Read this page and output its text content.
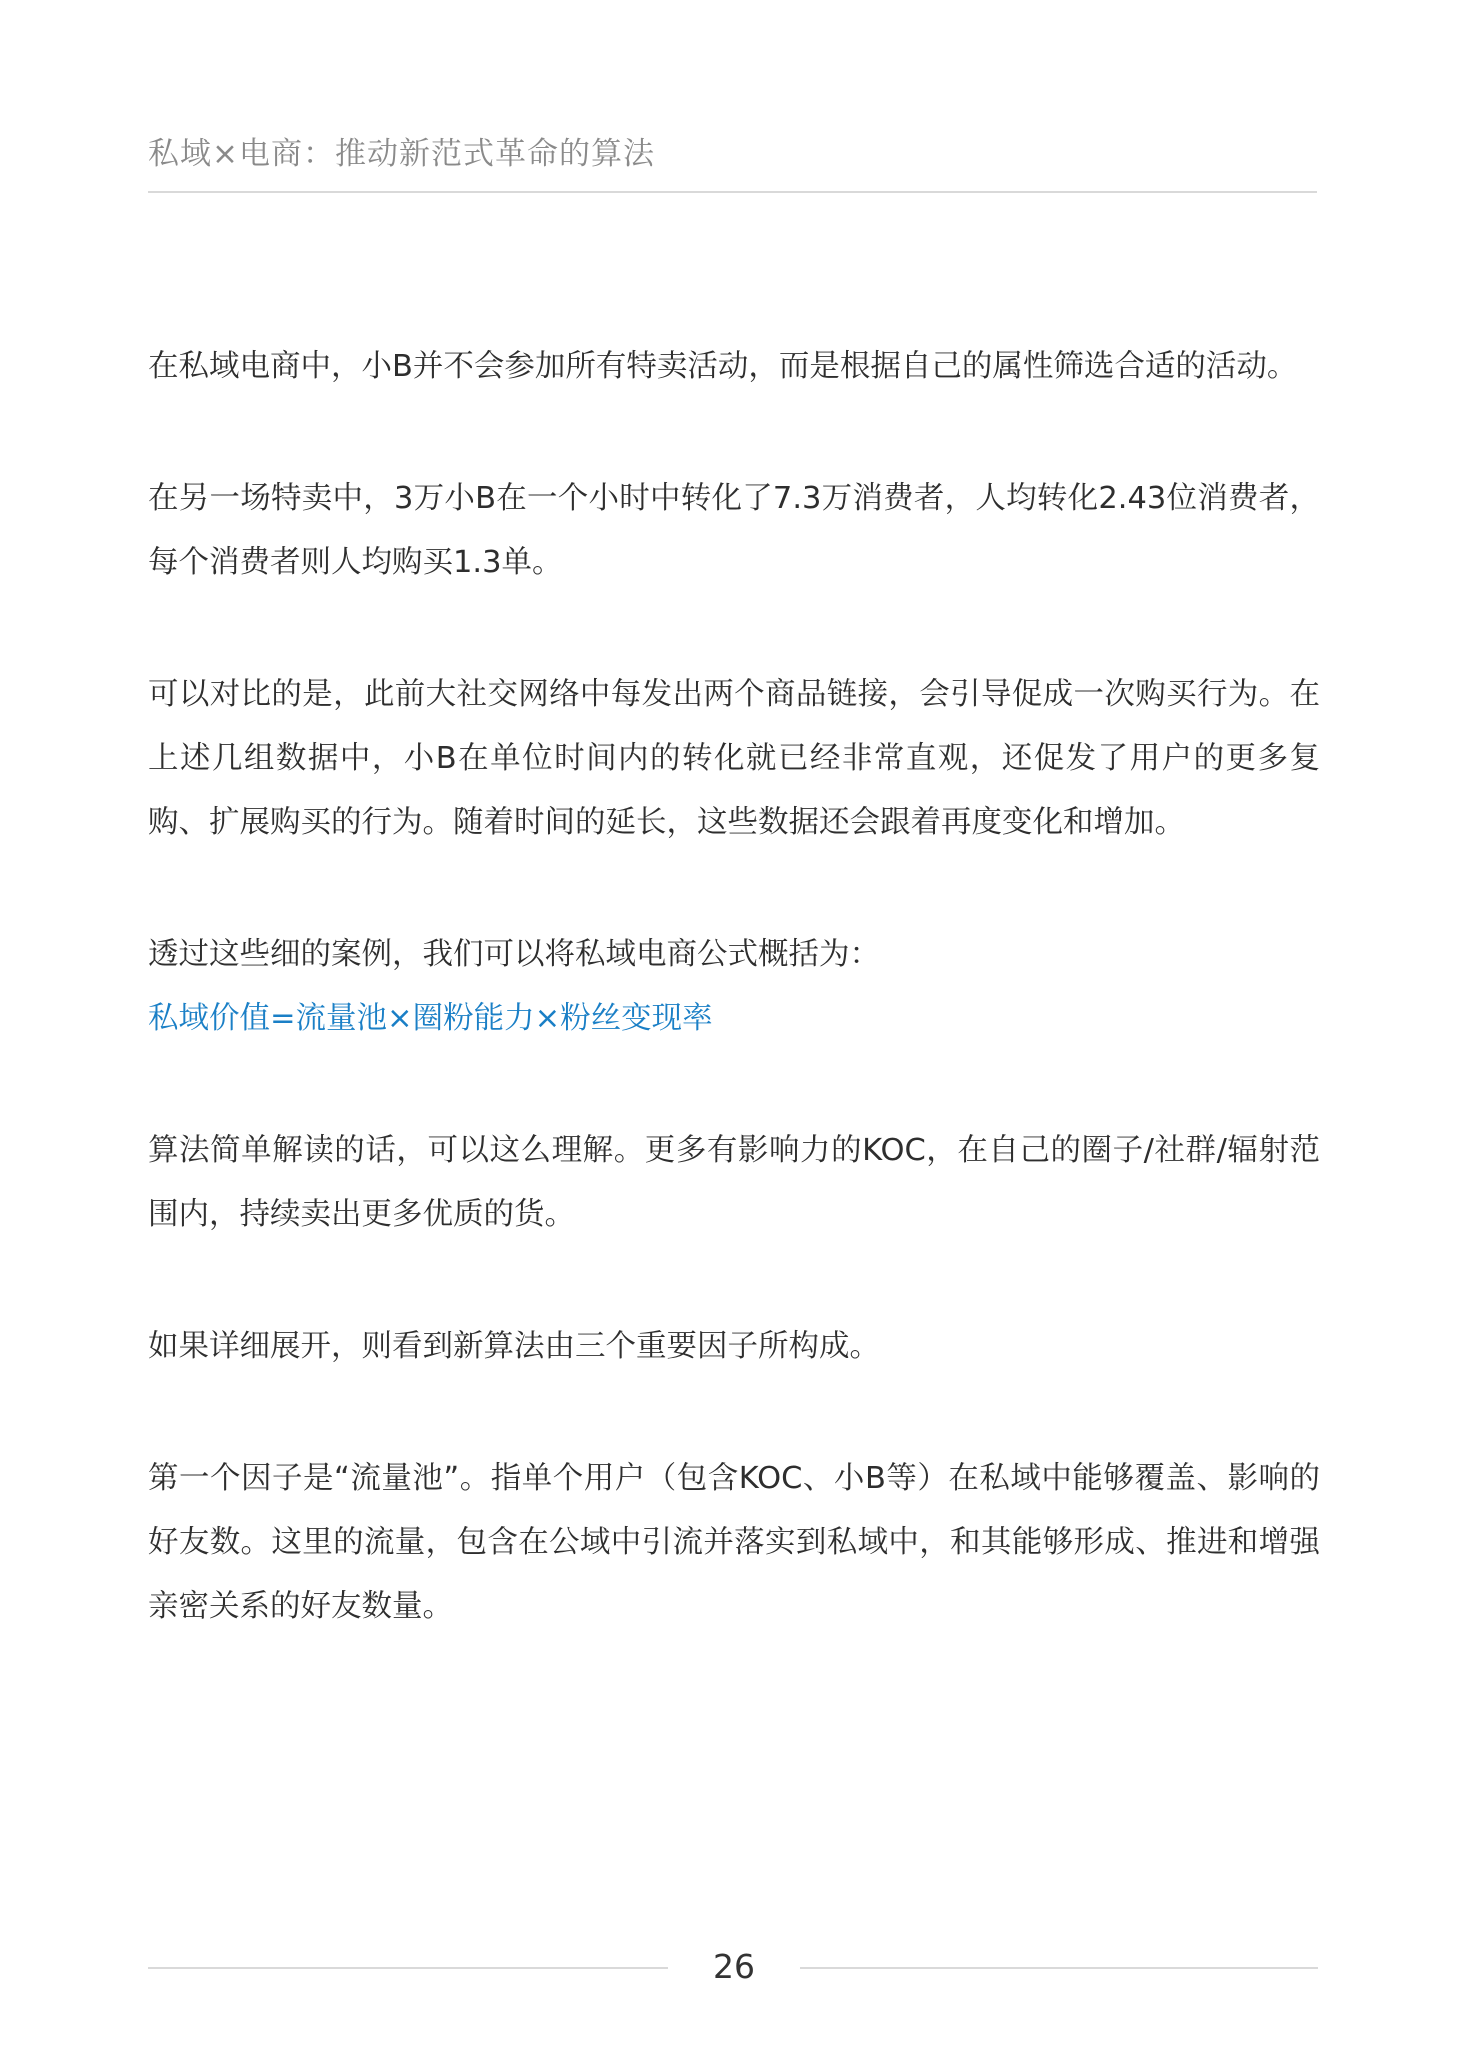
私域×电商：推动新范式革命的算法

在私域电商中，小B并不会参加所有特卖活动，而是根据自己的属性筛选合适的活动。

在另一场特卖中，3万小B在一个小时中转化了7.3万消费者，人均转化2.43位消费者，每个消费者则人均购买1.3单。

可以对比的是，此前大社交网络中每发出两个商品链接，会引导促成一次购买行为。在上述几组数据中，小B在单位时间内的转化就已经非常直观，还促发了用户的更多复购、扩展购买的行为。随着时间的延长，这些数据还会跟着再度变化和增加。

透过这些细的案例，我们可以将私域电商公式概括为：

私域价值=流量池×圈粉能力×粉丝变现率

算法简单解读的话，可以这么理解。更多有影响力的KOC，在自己的圈子/社群/辐射范围内，持续卖出更多优质的货。

如果详细展开，则看到新算法由三个重要因子所构成。

第一个因子是“流量池”。指单个用户（包含KOC、小B等）在私域中能够覆盖、影响的好友数。这里的流量，包含在公域中引流并落实到私域中，和其能够形成、推进和增强亲密关系的好友数量。

26
